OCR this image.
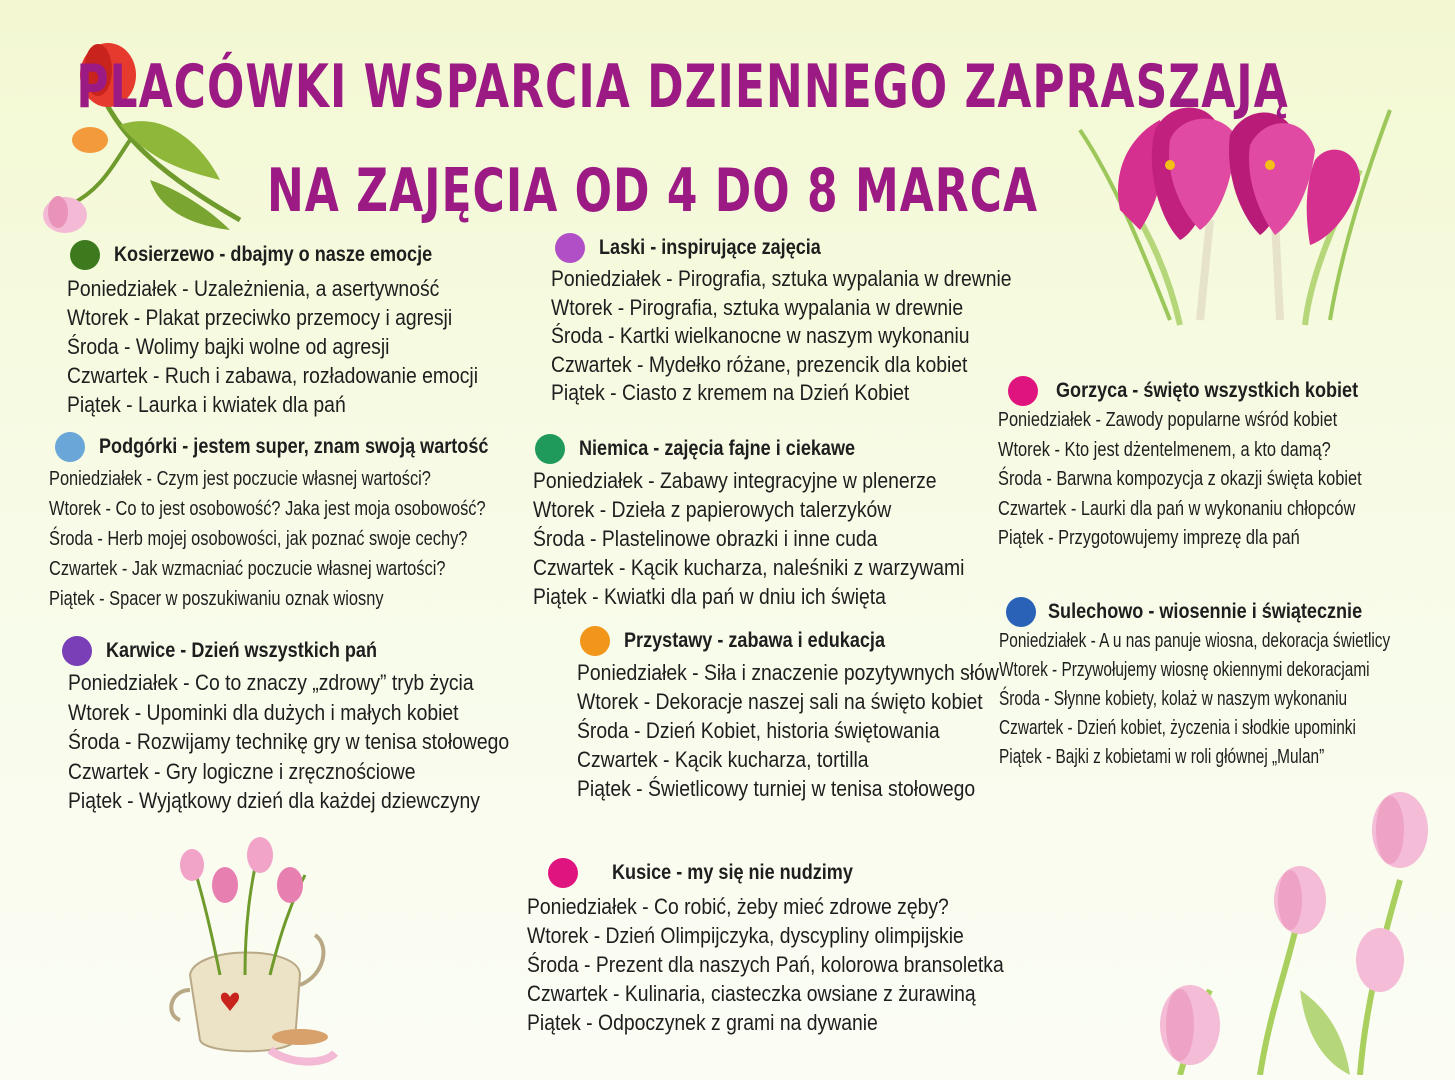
PLACÓWKI WSPARCIA DZIENNEGO ZAPRASZAJĄ
NA ZAJĘCIA OD 4 DO 8 MARCA
Kosierzewo - dbajmy o nasze emocje
Poniedziałek - Uzależnienia, a asertywność
Wtorek - Plakat przeciwko przemocy i agresji
Środa - Wolimy bajki wolne od agresji
Czwartek - Ruch i zabawa, rozładowanie emocji
Piątek - Laurka i kwiatek dla pań
Podgórki - jestem super, znam swoją wartość
Poniedziałek - Czym jest poczucie własnej wartości?
Wtorek - Co to jest osobowość? Jaka jest moja osobowość?
Środa - Herb mojej osobowości, jak poznać swoje cechy?
Czwartek - Jak wzmacniać poczucie własnej wartości?
Piątek - Spacer w poszukiwaniu oznak wiosny
Karwice - Dzień wszystkich pań
Poniedziałek - Co to znaczy „zdrowy” tryb życia
Wtorek - Upominki dla dużych i małych kobiet
Środa - Rozwijamy technikę gry w tenisa stołowego
Czwartek - Gry logiczne i zręcznościowe
Piątek - Wyjątkowy dzień dla każdej dziewczyny
Laski - inspirujące zajęcia
Poniedziałek - Pirografia, sztuka wypalania w drewnie
Wtorek - Pirografia, sztuka wypalania w drewnie
Środa - Kartki wielkanocne w naszym wykonaniu
Czwartek - Mydełko różane, prezencik dla kobiet
Piątek - Ciasto z kremem na Dzień Kobiet
Niemica - zajęcia fajne i ciekawe
Poniedziałek - Zabawy integracyjne w plenerze
Wtorek - Dzieła z papierowych talerzyków
Środa - Plastelinowe obrazki i inne cuda
Czwartek - Kącik kucharza, naleśniki z warzywami
Piątek - Kwiatki dla pań w dniu ich święta
Przystawy - zabawa i edukacja
Poniedziałek - Siła i znaczenie pozytywnych słów
Wtorek - Dekoracje naszej sali na święto kobiet
Środa - Dzień Kobiet, historia świętowania
Czwartek - Kącik kucharza, tortilla
Piątek - Świetlicowy turniej w tenisa stołowego
Kusice - my się nie nudzimy
Poniedziałek - Co robić, żeby mieć zdrowe zęby?
Wtorek - Dzień Olimpijczyka, dyscypliny olimpijskie
Środa - Prezent dla naszych Pań, kolorowa bransoletka
Czwartek - Kulinaria, ciasteczka owsiane z żurawiną
Piątek - Odpoczynek z grami na dywanie
Gorzyca - święto wszystkich kobiet
Poniedziałek - Zawody popularne wśród kobiet
Wtorek - Kto jest dżentelmenem, a kto damą?
Środa - Barwna kompozycja z okazji święta kobiet
Czwartek - Laurki dla pań w wykonaniu chłopców
Piątek - Przygotowujemy imprezę dla pań
Sulechowo - wiosennie i świątecznie
Poniedziałek - A u nas panuje wiosna, dekoracja świetlicy
Wtorek - Przywołujemy wiosnę okiennymi dekoracjami
Środa - Słynne kobiety, kolaż w naszym wykonaniu
Czwartek - Dzień kobiet, życzenia i słodkie upominki
Piątek - Bajki z kobietami w roli głównej „Mulan”
